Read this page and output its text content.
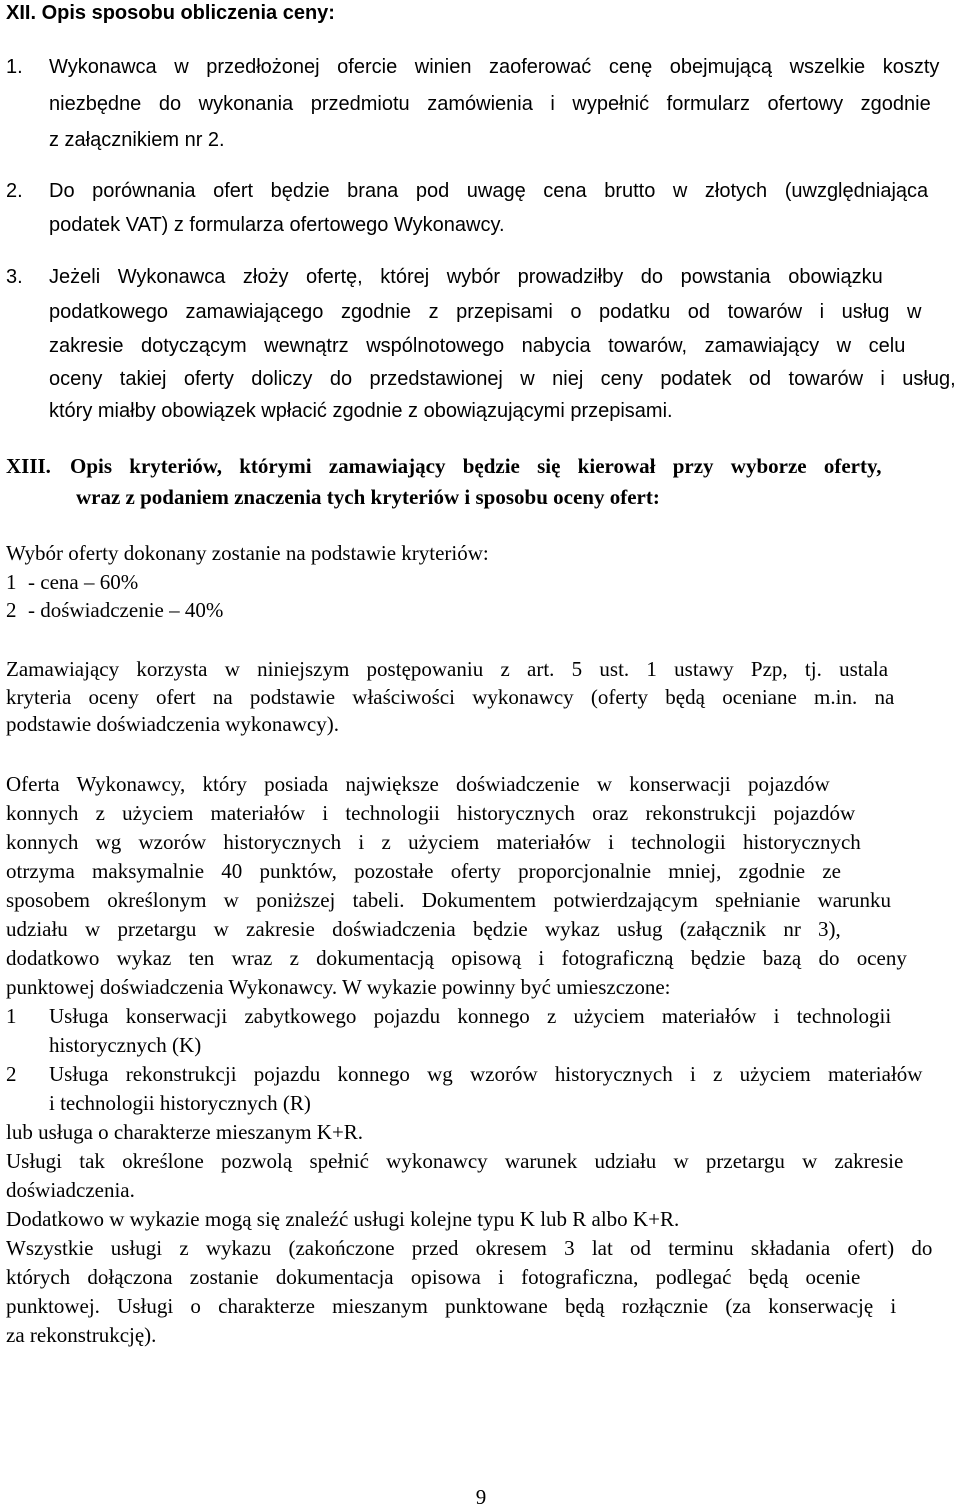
XII. Opis sposobu obliczenia ceny:
1. Wykonawca w przedłożonej ofercie winien zaoferować cenę obejmującą wszelkie koszty
niezbędne do wykonania przedmiotu zamówienia i wypełnić formularz ofertowy zgodnie
z załącznikiem nr 2.
2. Do porównania ofert będzie brana pod uwagę cena brutto w złotych (uwzględniająca
podatek VAT) z formularza ofertowego Wykonawcy.
3. Jeżeli Wykonawca złoży ofertę, której wybór prowadziłby do powstania obowiązku
podatkowego zamawiającego zgodnie z przepisami o podatku od towarów i usług w
zakresie dotyczącym wewnątrz wspólnotowego nabycia towarów, zamawiający w celu
oceny takiej oferty doliczy do przedstawionej w niej ceny podatek od towarów i usług,
który miałby obowiązek wpłacić zgodnie z obowiązującymi przepisami.
XIII. Opis kryteriów, którymi zamawiający będzie się kierował przy wyborze oferty,
wraz z podaniem znaczenia tych kryteriów i sposobu oceny ofert:
Wybór oferty dokonany zostanie na podstawie kryteriów:
1 - cena – 60%
2 - doświadczenie – 40%
Zamawiający korzysta w niniejszym postępowaniu z art. 5 ust. 1 ustawy Pzp, tj. ustala
kryteria oceny ofert na podstawie właściwości wykonawcy (oferty będą oceniane m.in. na
podstawie doświadczenia wykonawcy).
Oferta Wykonawcy, który posiada największe doświadczenie w konserwacji pojazdów
konnych z użyciem materiałów i technologii historycznych oraz rekonstrukcji pojazdów
konnych wg wzorów historycznych i z użyciem materiałów i technologii historycznych
otrzyma maksymalnie 40 punktów, pozostałe oferty proporcjonalnie mniej, zgodnie ze
sposobem określonym w poniższej tabeli. Dokumentem potwierdzającym spełnianie warunku
udziału w przetargu w zakresie doświadczenia będzie wykaz usług (załącznik nr 3),
dodatkowo wykaz ten wraz z dokumentacją opisową i fotograficzną będzie bazą do oceny
punktowej doświadczenia Wykonawcy. W wykazie powinny być umieszczone:
1 Usługa konserwacji zabytkowego pojazdu konnego z użyciem materiałów i technologii
historycznych (K)
2 Usługa rekonstrukcji pojazdu konnego wg wzorów historycznych i z użyciem materiałów
i technologii historycznych (R)
lub usługa o charakterze mieszanym K+R.
Usługi tak określone pozwolą spełnić wykonawcy warunek udziału w przetargu w zakresie
doświadczenia.
Dodatkowo w wykazie mogą się znaleźć usługi kolejne typu K lub R albo K+R.
Wszystkie usługi z wykazu (zakończone przed okresem 3 lat od terminu składania ofert) do
których dołączona zostanie dokumentacja opisowa i fotograficzna, podlegać będą ocenie
punktowej. Usługi o charakterze mieszanym punktowane będą rozłącznie (za konserwację i
za rekonstrukcję).
9
